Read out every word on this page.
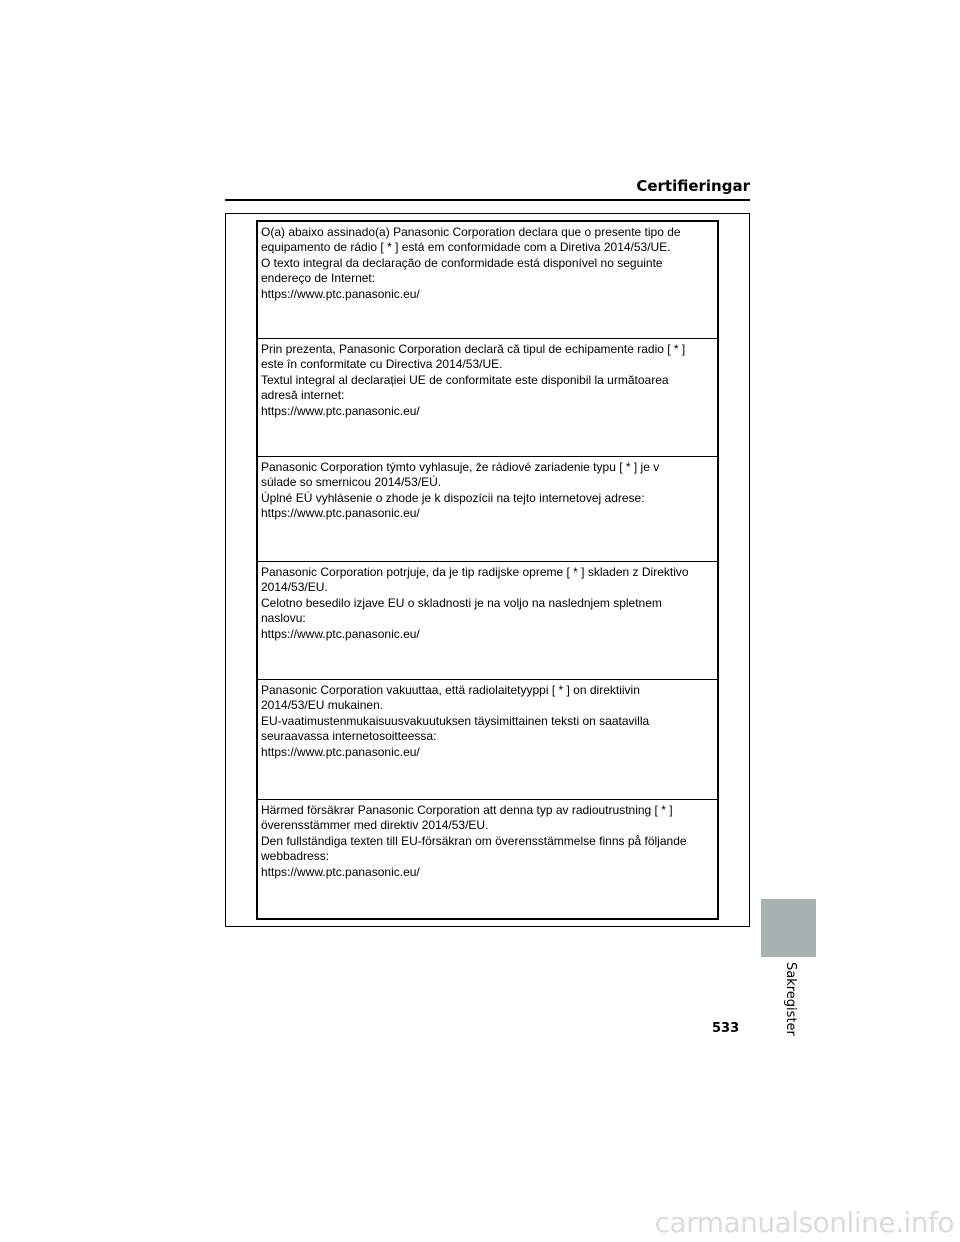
Certifieringar
O(a) abaixo assinado(a) Panasonic Corporation declara que o presente tipo de
equipamento de rádio [ * ] está em conformidade com a Diretiva 2014/53/UE.
O texto integral da declaração de conformidade está disponível no seguinte
endereço de Internet:
https://www.ptc.panasonic.eu/
Prin prezenta, Panasonic Corporation declară că tipul de echipamente radio [ * ]
este în conformitate cu Directiva 2014/53/UE.
Textul integral al declarației UE de conformitate este disponibil la următoarea
adresă internet:
https://www.ptc.panasonic.eu/
Panasonic Corporation týmto vyhlasuje, že rádiové zariadenie typu [ * ] je v
súlade so smernicou 2014/53/EÚ.
Úplné EÚ vyhlásenie o zhode je k dispozícii na tejto internetovej adrese:
https://www.ptc.panasonic.eu/
Panasonic Corporation potrjuje, da je tip radijske opreme [ * ] skladen z Direktivo
2014/53/EU.
Celotno besedilo izjave EU o skladnosti je na voljo na naslednjem spletnem
naslovu:
https://www.ptc.panasonic.eu/
Panasonic Corporation vakuuttaa, että radiolaitetyyppi [ * ] on direktiivin
2014/53/EU mukainen.
EU-vaatimustenmukaisuusvakuutuksen täysimittainen teksti on saatavilla
seuraavassa internetosoitteessa:
https://www.ptc.panasonic.eu/
Härmed försäkrar Panasonic Corporation att denna typ av radioutrustning [ * ]
överensstämmer med direktiv 2014/53/EU.
Den fullständiga texten till EU-försäkran om överensstämmelse finns på följande
webbadress:
https://www.ptc.panasonic.eu/
Sakregister
533
carmanualsonline.info
